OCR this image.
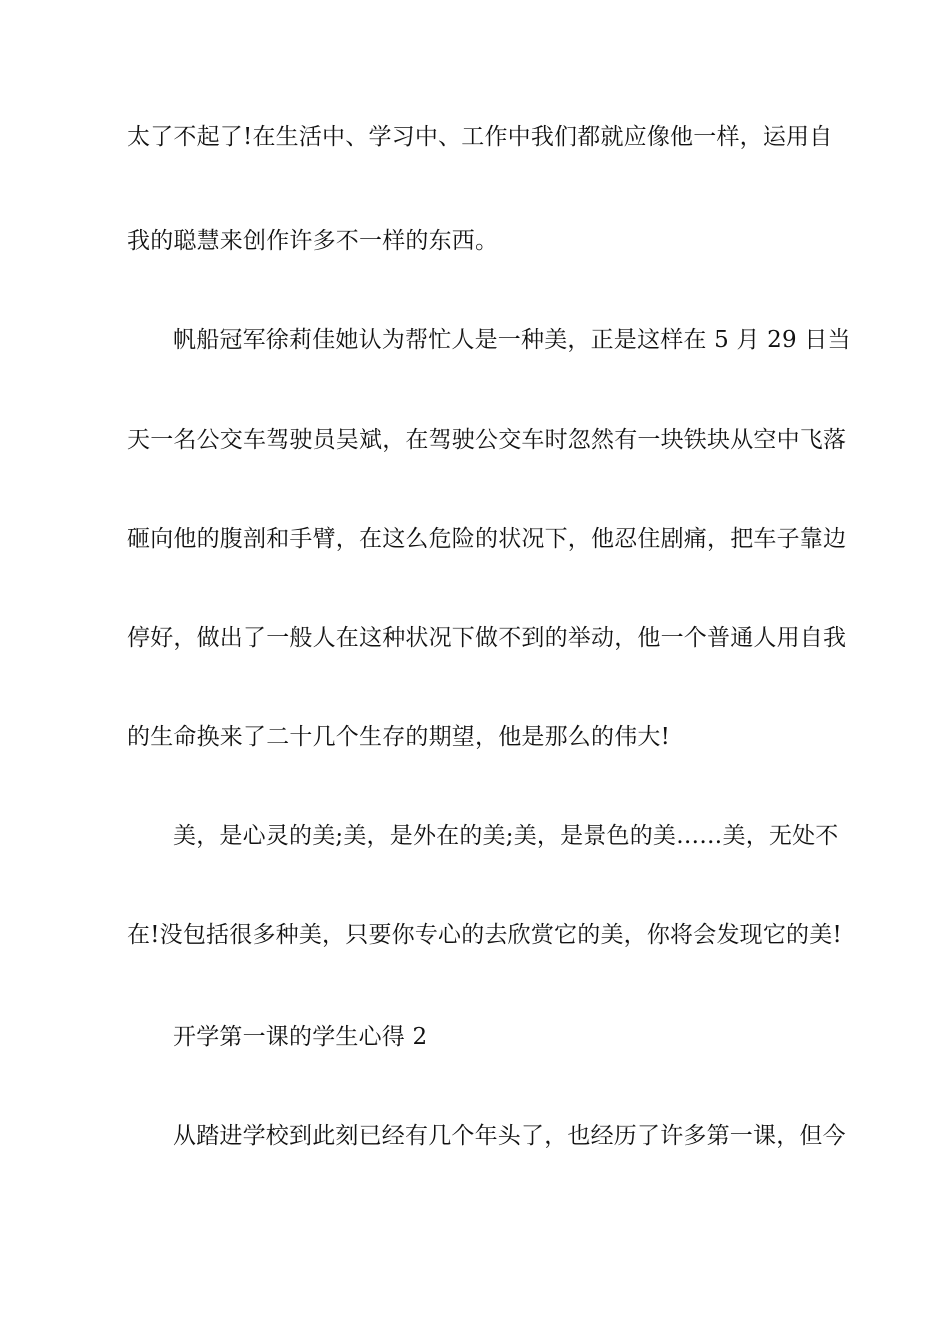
太了不起了!在生活中、学习中、工作中我们都就应像他一样，运用自
我的聪慧来创作许多不一样的东西。
帆船冠军徐莉佳她认为帮忙人是一种美，正是这样在 5 月 29 日当
天一名公交车驾驶员吴斌，在驾驶公交车时忽然有一块铁块从空中飞落
砸向他的腹剖和手臂，在这么危险的状况下，他忍住剧痛，把车子靠边
停好，做出了一般人在这种状况下做不到的举动，他一个普通人用自我
的生命换来了二十几个生存的期望，他是那么的伟大!
美，是心灵的美;美，是外在的美;美，是景色的美……美，无处不
在!没包括很多种美，只要你专心的去欣赏它的美，你将会发现它的美!
开学第一课的学生心得 2
从踏进学校到此刻已经有几个年头了，也经历了许多第一课，但今
